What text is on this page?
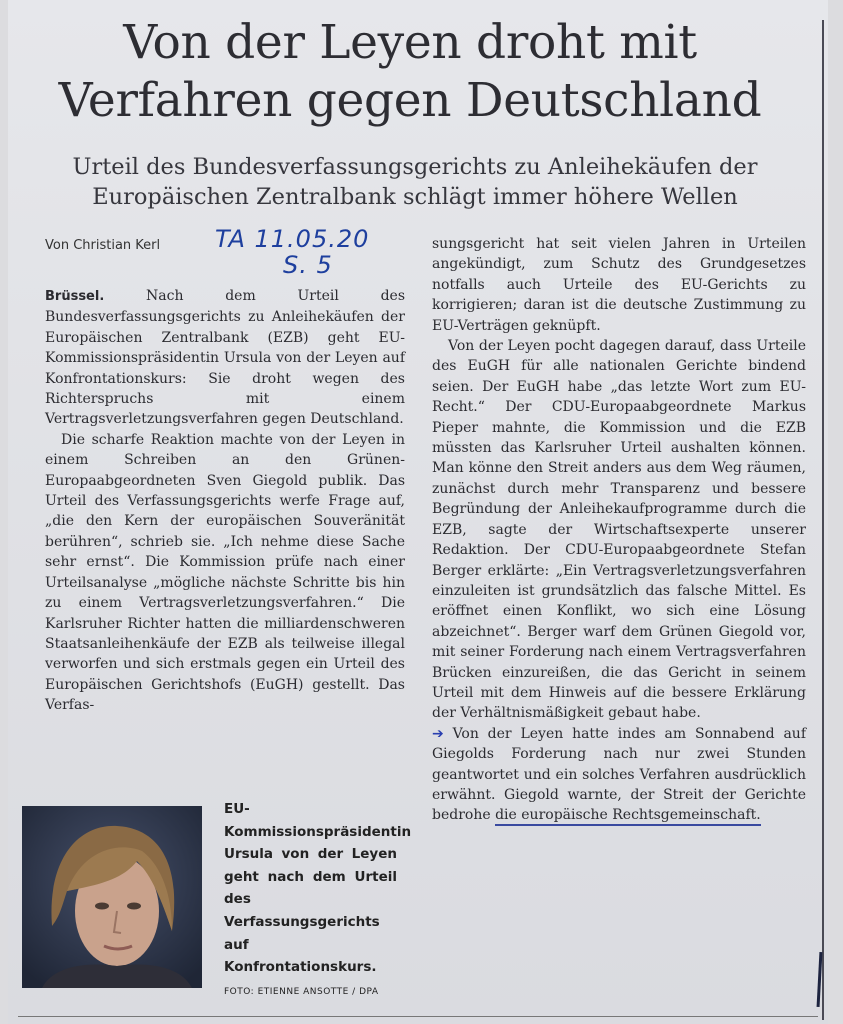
Von der Leyen droht mit
Verfahren gegen Deutschland
Urteil des Bundesverfassungsgerichts zu Anleihekäufen der
Europäischen Zentralbank schlägt immer höhere Wellen
Von Christian Kerl TA 11.05.20
S. 5

Brüssel.	Nach dem Urteil des Bundesverfassungsgerichts zu Anleihekäufen der Europäischen Zentralbank (EZB) geht EU-Kommissionspräsidentin Ursula von der Leyen auf Konfrontationskurs: Sie droht wegen des Richterspruchs mit einem Vertragsverletzungsverfahren gegen Deutschland.

Die scharfe Reaktion machte von der Leyen in einem Schreiben an den Grünen-Europaabgeordneten Sven Giegold publik. Das Urteil des Verfassungsgerichts werfe Frage auf, „die den Kern der europäischen Souveränität berühren“, schrieb sie. „Ich nehme diese Sache sehr ernst“. Die Kommission prüfe nach einer Urteilsanalyse „mögliche nächste Schritte bis hin zu einem Vertragsverletzungsverfahren.“ Die Karlsruher Richter hatten die milliardenschweren Staatsanleihenkäufe der EZB als teilweise illegal verworfen und sich erstmals gegen ein Urteil des Europäischen Gerichtshofs (EuGH) gestellt. Das Verfas-

sungsgericht hat seit vielen Jahren in Urteilen angekündigt, zum Schutz des Grundgesetzes notfalls auch Urteile des EU-Gerichts zu korrigieren; daran ist die deutsche Zustimmung zu EU-Verträgen geknüpft.

Von der Leyen pocht dagegen darauf, dass Urteile des EuGH für alle nationalen Gerichte bindend seien. Der EuGH habe „das letzte Wort zum EU-Recht.“ Der CDU-Europaabgeordnete Markus Pieper mahnte, die Kommission und die EZB müssten das Karlsruher Urteil aushalten können. Man könne den Streit anders aus dem Weg räumen, zunächst durch mehr Transparenz und bessere Begründung der Anleihekaufprogramme durch die EZB, sagte der Wirtschaftsexperte unserer Redaktion. Der CDU-Europaabgeordnete Stefan Berger erklärte: „Ein Vertragsverletzungsverfahren einzuleiten ist grundsätzlich das falsche Mittel. Es eröffnet einen Konflikt, wo sich eine Lösung abzeichnet“. Berger warf dem Grünen Giegold vor, mit seiner Forderung nach einem Vertragsverfahren Brücken einzureißen, die das Gericht in seinem Urteil mit dem Hinweis auf die bessere Erklärung der Verhältnismäßigkeit gebaut habe.

➔ Von der Leyen hatte indes am Sonnabend auf Giegolds Forderung nach nur zwei Stunden geantwortet und ein solches Verfahren ausdrücklich erwähnt. Giegold warnte, der Streit der Gerichte bedrohe die europäische Rechtsgemeinschaft.

EU-Kommissionspräsidentin Ursula von der Leyen geht nach dem Urteil des Verfassungsgerichts auf Konfrontationskurs. FOTO: ETIENNE ANSOTTE / DPA
